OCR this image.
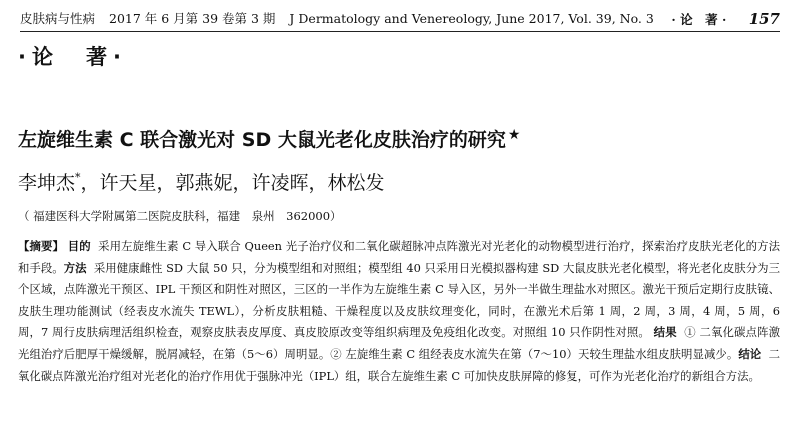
皮肤病与性病 2017 年 6 月第 39 卷第 3 期 J Dermatology and Venereology, June 2017, Vol. 39, No. 3	· 论　著 · 157
·论　著·
左旋维生素 C 联合激光对 SD 大鼠光老化皮肤治疗的研究 ★
李坤杰*，许天星，郭燕妮，许凌晖，林松发
（ 福建医科大学附属第二医院皮肤科，福建　泉州　362000）
【摘要】 目的 采用左旋维生素 C 导入联合 Queen 光子治疗仪和二氧化碳超脉冲点阵激光对光老化的动物模型进行治疗，探索治疗皮肤光老化的方法和手段。方法 采用健康雌性 SD 大鼠 50 只，分为模型组和对照组；模型组 40 只采用日光模拟器构建 SD 大鼠皮肤光老化模型，将光老化皮肤分为三个区域，点阵激光干预区、IPL 干预区和阴性对照区，三区的一半作为左旋维生素 C 导入区，另外一半做生理盐水对照区。激光干预后定期行皮肤镜、皮肤生理功能测试（经表皮水流失 TEWL），分析皮肤粗糙、干燥程度以及皮肤纹理变化，同时，在激光术后第 1 周，2 周，3 周，4 周，5 周，6 周，7 周行皮肤病理活组织检查，观察皮肤表皮厚度、真皮胶原改变等组织病理及免疫组化改变。对照组 10 只作阴性对照。 结果 ① 二氧化碳点阵激光组治疗后肥厚干燥缓解，脱屑减轻，在第（5～6）周明显。② 左旋维生素 C 组经表皮水流失在第（7～10）天较生理盐水组皮肤明显减少。结论 二氧化碳点阵激光治疗组对光老化的治疗作用优于强脉冲光（IPL）组，联合左旋维生素 C 可加快皮肤屏障的修复，可作为光老化治疗的新组合方法。
